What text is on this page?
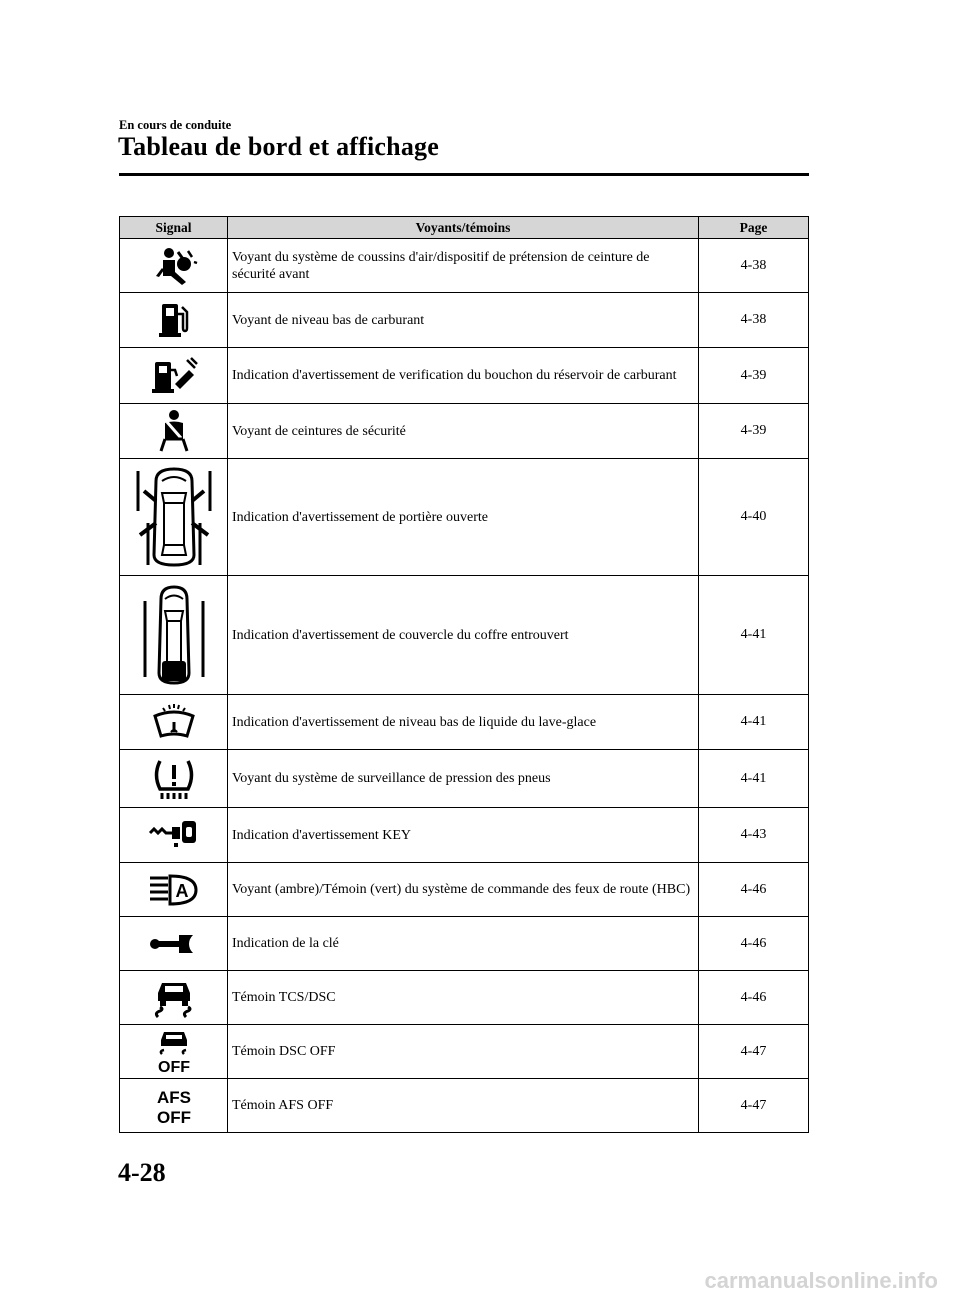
En cours de conduite
Tableau de bord et affichage
Signal	Voyants/témoins	Page

	Voyant du système de coussins d'air/dispositif de prétension de ceinture de sécurité avant	4-38

	Voyant de niveau bas de carburant	4-38

	Indication d'avertissement de verification du bouchon du réservoir de carburant	4-39

	Voyant de ceintures de sécurité	4-39

	Indication d'avertissement de portière ouverte	4-40

	Indication d'avertissement de couvercle du coffre entrouvert	4-41

	Indication d'avertissement de niveau bas de liquide du lave-glace	4-41

	Voyant du système de surveillance de pression des pneus	4-41

	Indication d'avertissement KEY	4-43

A	Voyant (ambre)/Témoin (vert) du système de commande des feux de route (HBC)	4-46

	Indication de la clé	4-46

	Témoin TCS/DSC	4-46

OFF	Témoin DSC OFF	4-47

AFS
OFF	Témoin AFS OFF	4-47
4-28
carmanualsonline.info
